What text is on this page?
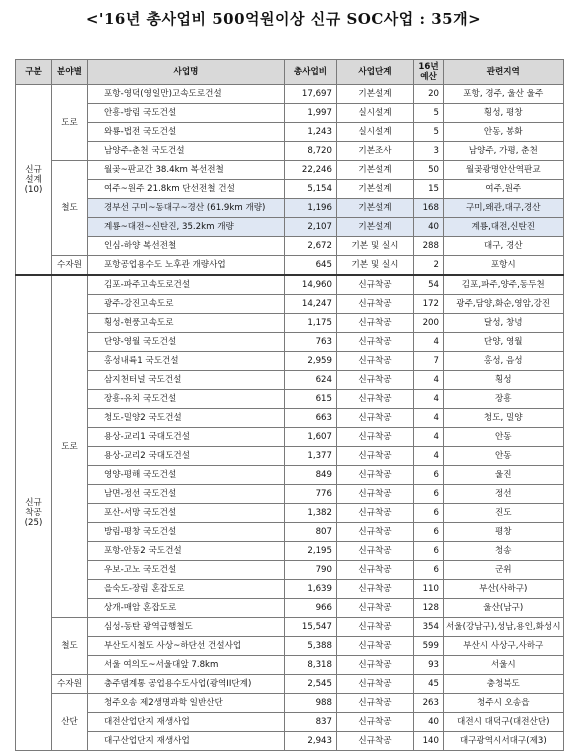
<'16년 총사업비 500억원이상 신규 SOC사업 : 35개>
구분	분야별	사업명	총사업비	사업단계	16년 예산	관련지역

신규
설계
(10)	도로	포항-영덕(영일만)고속도로건설	17,697	기본설계	20	포항, 경주, 울산 울주
		안흥-방림 국도건설	1,997	실시설계	5	횡성, 평창
		와룡-법전 국도건설	1,243	실시설계	5	안동, 봉화
		남양주-춘천 국도건설	8,720	기본조사	3	남양주, 가평, 춘천
	철도	월곶~판교간 38.4km 복선전철	22,246	기본설계	50	월곶광명안산역판교
		여주~원주 21.8km 단선전철 건설	5,154	기본설계	15	여주,원주
		경부선 구미~동대구~경산 (61.9km 개량)	1,196	기본설계	168	구미,왜관,대구,경산
		계룡~대전~신탄진, 35.2km 개량	2,107	기본설계	40	계룡,대전,신탄진
		인심-하양 복선전철	2,672	기본 및 실시	288	대구, 경산
	수자원	포항공업용수도 노후관 개량사업	645	기본 및 실시	2	포항시

신규
착공
(25)	도로	김포-파주고속도로건설	14,960	신규착공	54	김포,파주,양주,동두천
		광주-강진고속도로	14,247	신규착공	172	광주,담양,화순,영암,강진
		횡성-현풍고속도로	1,175	신규착공	200	달성, 창녕
		단양-영월 국도건설	763	신규착공	4	단양, 영월
		홍성내륙1 국도건설	2,959	신규착공	7	홍성, 음성
		삼지천터널 국도건설	624	신규착공	4	횡성
		장흥-유치 국도건설	615	신규착공	4	장흥
		청도-밀양2 국도건설	663	신규착공	4	청도, 밀양
		용상-교리1 국대도건설	1,607	신규착공	4	안동
		용상-교리2 국대도건설	1,377	신규착공	4	안동
		영양-평해 국도건설	849	신규착공	6	울진
		남면-정선 국도건설	776	신규착공	6	정선
		포산-서망 국도건설	1,382	신규착공	6	진도
		방림-평창 국도건설	807	신규착공	6	평창
		포항-안동2 국도건설	2,195	신규착공	6	청송
		우보-고노 국도건설	790	신규착공	6	군위
		을숙도-장림 혼잡도로	1,639	신규착공	110	부산(사하구)
		상개-매암 혼잡도로	966	신규착공	128	울산(남구)
	철도	심성-동탄 광역급행철도	15,547	신규착공	354	서울(강남구),성남,용인,화성시
		부산도시철도 사상~하단선 건설사업	5,388	신규착공	599	부산시 사상구,사하구
		서울 여의도~서울대앞 7.8km	8,318	신규착공	93	서울시
	수자원	충주댐계통 공업용수도사업(광역II단계)	2,545	신규착공	45	충청북도
	산단	청주오송 제2생명과학 일반산단	988	신규착공	263	청주시 오송읍
		대전산업단지 재생사업	837	신규착공	40	대전시 대덕구(대전산단)
		대구산업단지 재생사업	2,943	신규착공	140	대구광역시서대구(제3)
